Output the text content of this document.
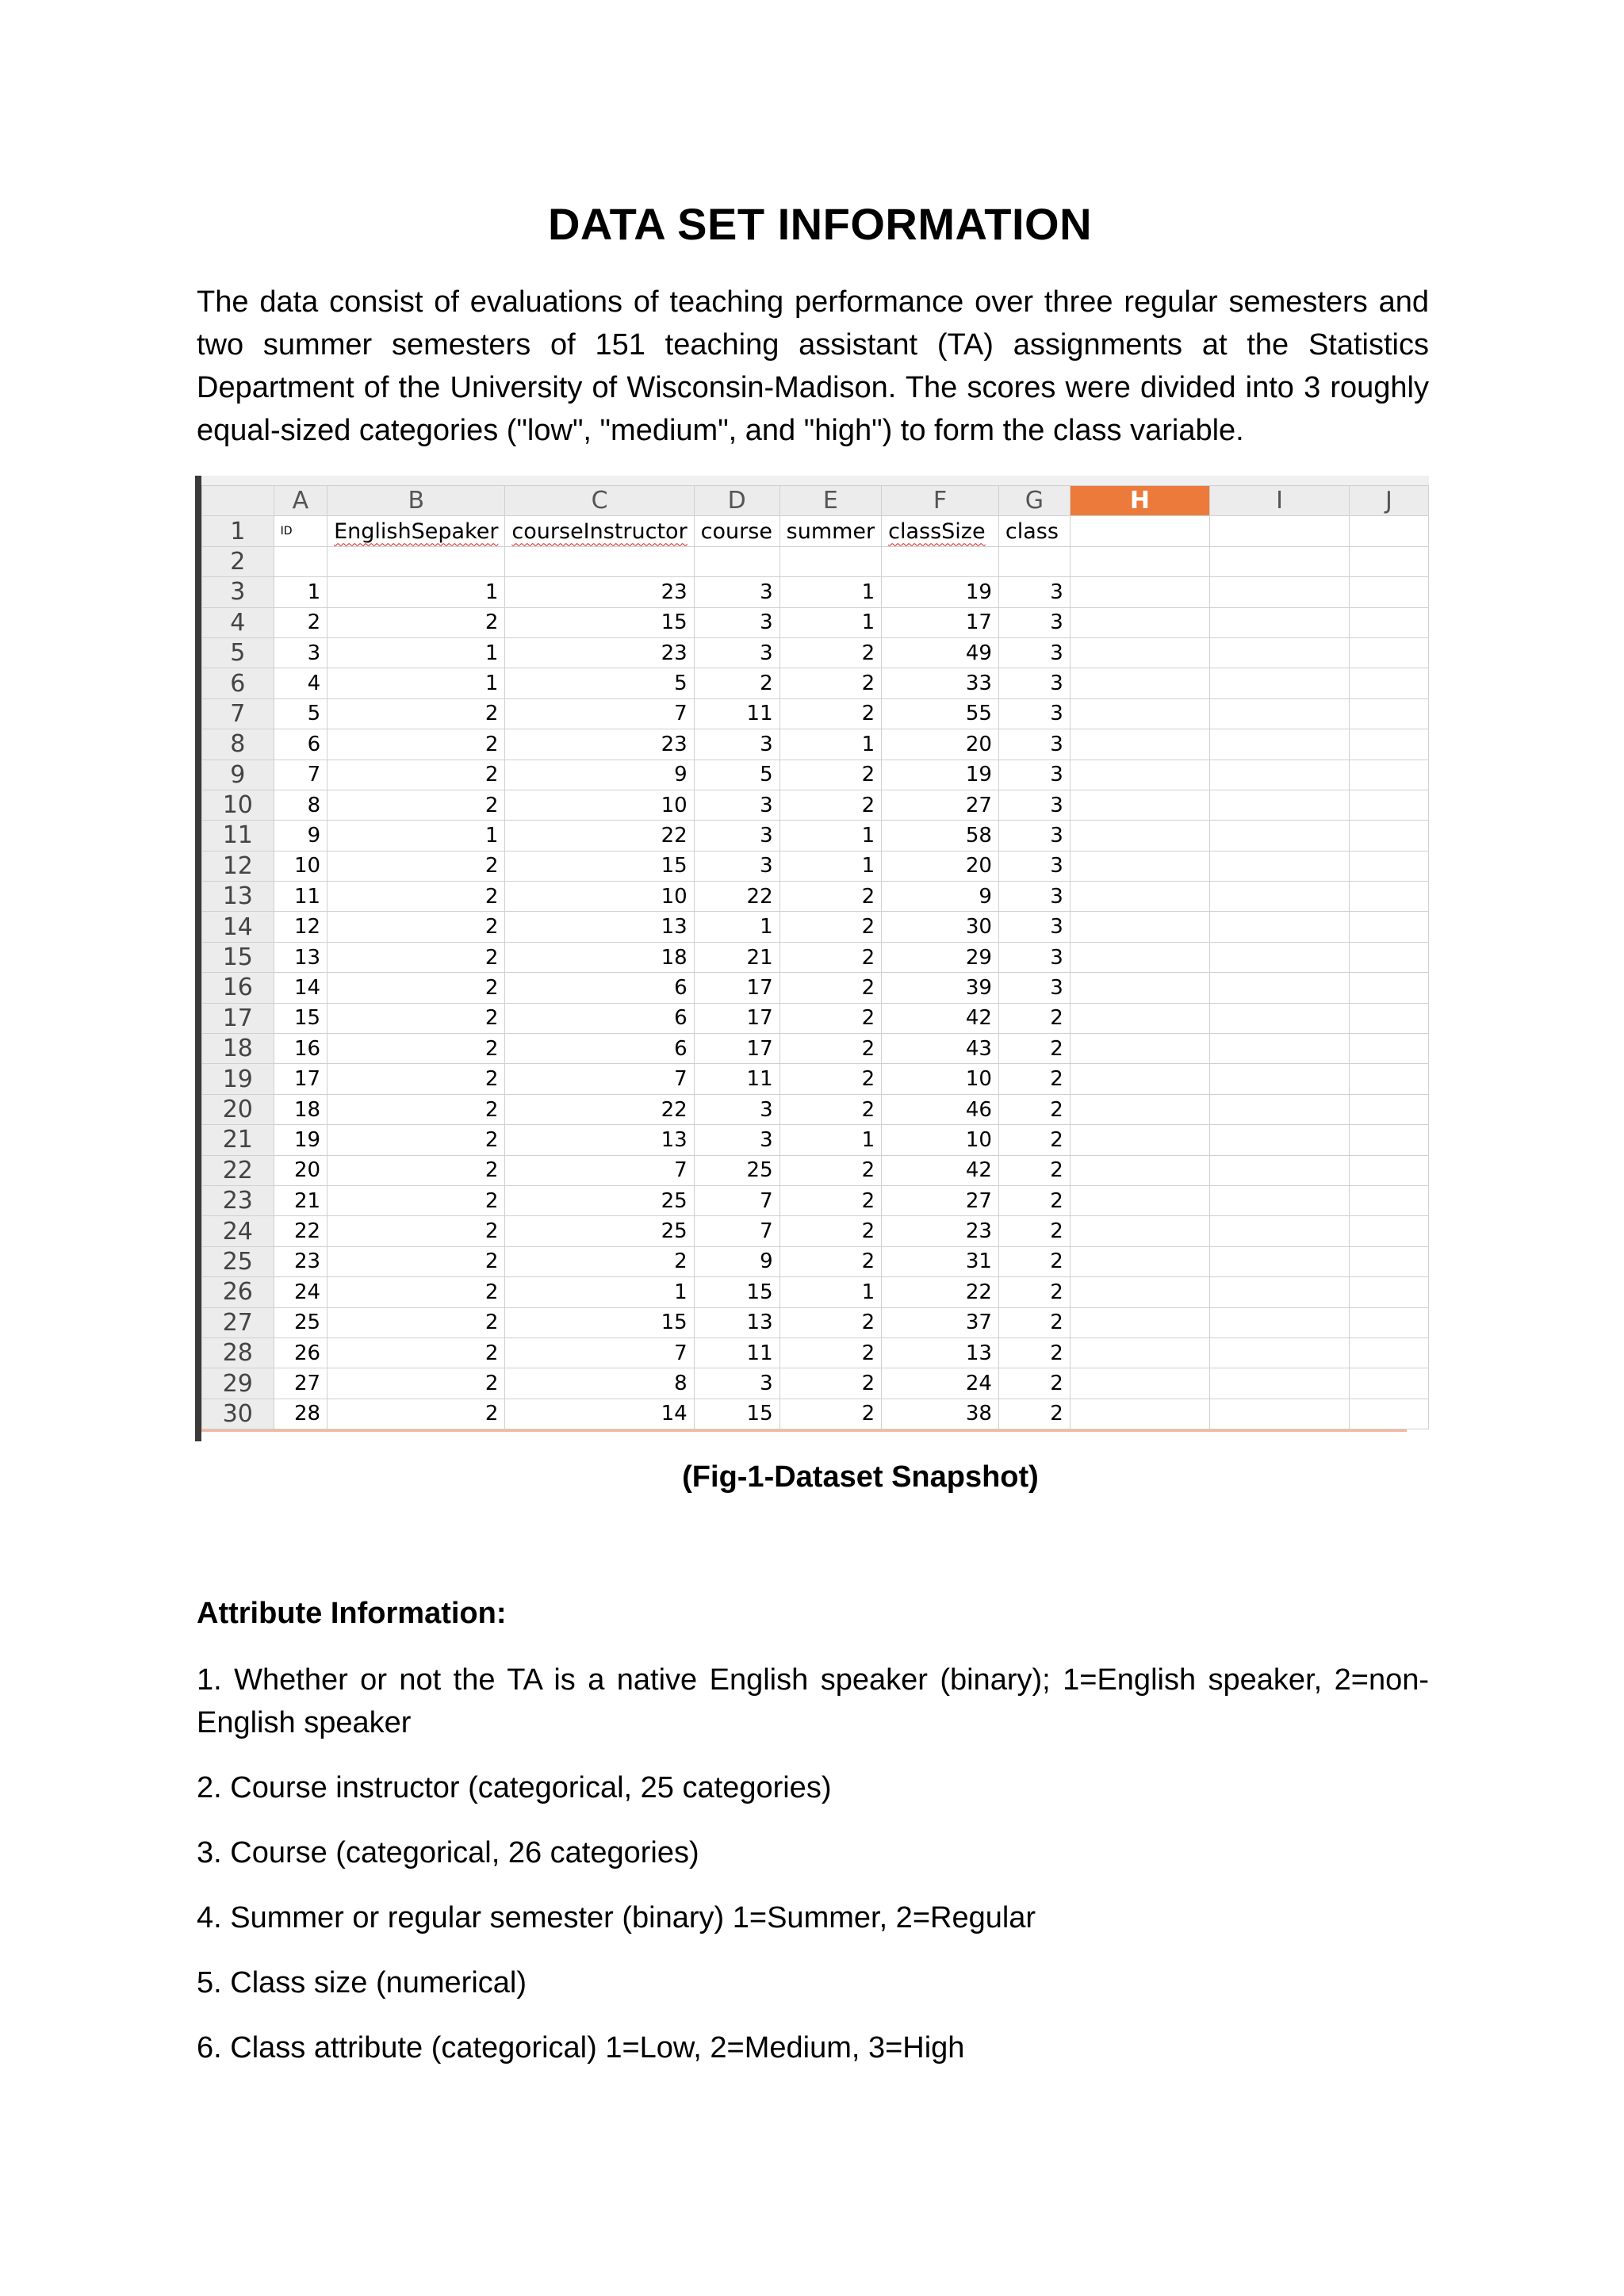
DATA SET INFORMATION
The data consist of evaluations of teaching performance over three regular semesters and two summer semesters of 151 teaching assistant (TA) assignments at the Statistics Department of the University of Wisconsin-Madison. The scores were divided into 3 roughly equal-sized categories ("low", "medium", and "high") to form the class variable.
	A	B	C	D	E	F	G	H	I	J
1	ID	EnglishSepaker	courseInstructor	course	summer	classSize	class			
2										
3	1	1	23	3	1	19	3			
4	2	2	15	3	1	17	3			
5	3	1	23	3	2	49	3			
6	4	1	5	2	2	33	3			
7	5	2	7	11	2	55	3			
8	6	2	23	3	1	20	3			
9	7	2	9	5	2	19	3			
10	8	2	10	3	2	27	3			
11	9	1	22	3	1	58	3			
12	10	2	15	3	1	20	3			
13	11	2	10	22	2	9	3			
14	12	2	13	1	2	30	3			
15	13	2	18	21	2	29	3			
16	14	2	6	17	2	39	3			
17	15	2	6	17	2	42	2			
18	16	2	6	17	2	43	2			
19	17	2	7	11	2	10	2			
20	18	2	22	3	2	46	2			
21	19	2	13	3	1	10	2			
22	20	2	7	25	2	42	2			
23	21	2	25	7	2	27	2			
24	22	2	25	7	2	23	2			
25	23	2	2	9	2	31	2			
26	24	2	1	15	1	22	2			
27	25	2	15	13	2	37	2			
28	26	2	7	11	2	13	2			
29	27	2	8	3	2	24	2			
30	28	2	14	15	2	38	2			
(Fig-1-Dataset Snapshot)
Attribute Information:
1. Whether or not the TA is a native English speaker (binary); 1=English speaker, 2=non-English speaker
2. Course instructor (categorical, 25 categories)
3. Course (categorical, 26 categories)
4. Summer or regular semester (binary) 1=Summer, 2=Regular
5. Class size (numerical)
6. Class attribute (categorical) 1=Low, 2=Medium, 3=High
